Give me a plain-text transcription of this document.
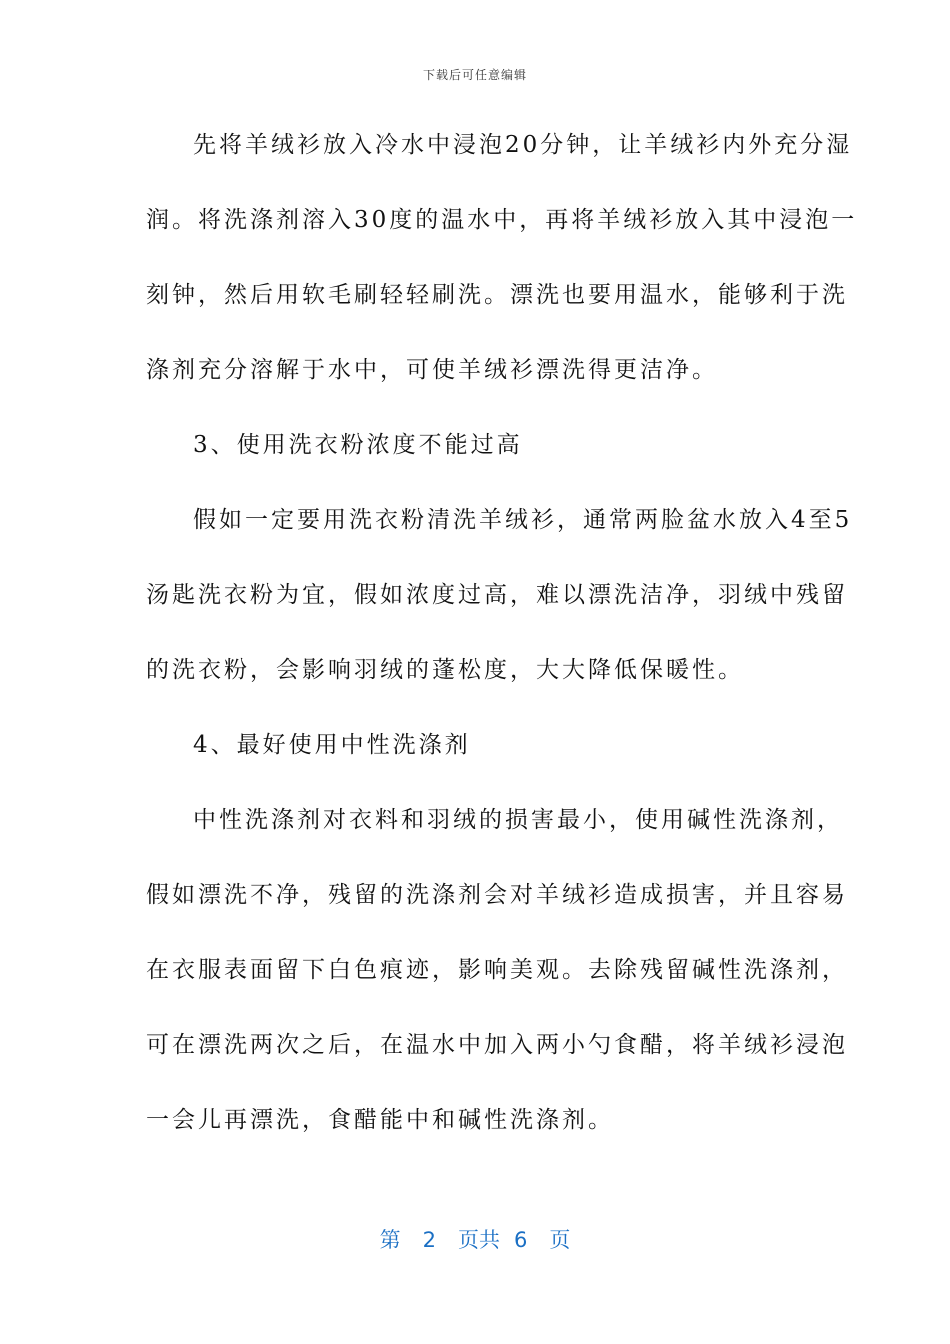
下载后可任意编辑
先将羊绒衫放入冷水中浸泡20分钟，让羊绒衫内外充分湿
润。将洗涤剂溶入30度的温水中，再将羊绒衫放入其中浸泡一
刻钟，然后用软毛刷轻轻刷洗。漂洗也要用温水，能够利于洗
涤剂充分溶解于水中，可使羊绒衫漂洗得更洁净。
3、使用洗衣粉浓度不能过高
假如一定要用洗衣粉清洗羊绒衫，通常两脸盆水放入4至5
汤匙洗衣粉为宜，假如浓度过高，难以漂洗洁净，羽绒中残留
的洗衣粉，会影响羽绒的蓬松度，大大降低保暖性。
4、最好使用中性洗涤剂
中性洗涤剂对衣料和羽绒的损害最小，使用碱性洗涤剂，
假如漂洗不净，残留的洗涤剂会对羊绒衫造成损害，并且容易
在衣服表面留下白色痕迹，影响美观。去除残留碱性洗涤剂，
可在漂洗两次之后，在温水中加入两小勺食醋，将羊绒衫浸泡
一会儿再漂洗，食醋能中和碱性洗涤剂。
第 2 页共 6 页
